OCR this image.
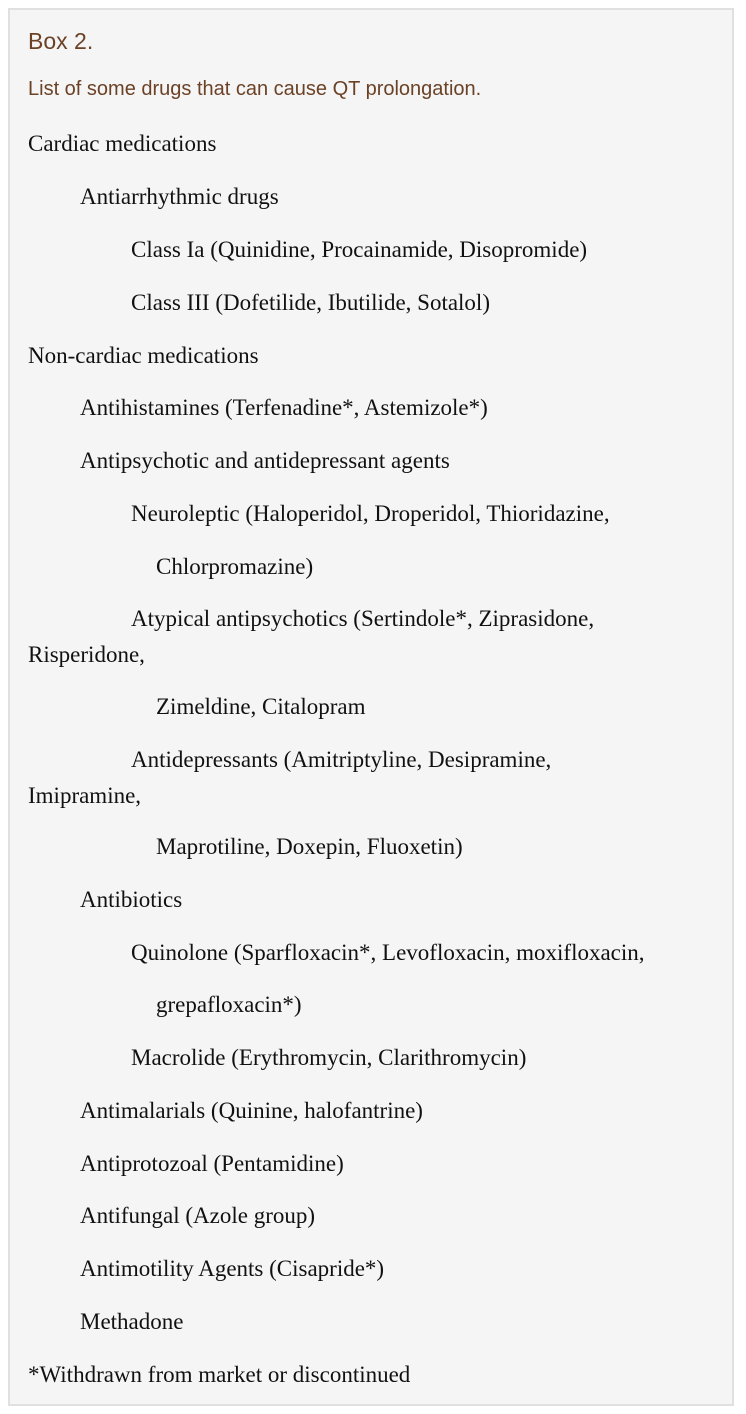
Box 2.
List of some drugs that can cause QT prolongation.
Cardiac medications
Antiarrhythmic drugs
Class Ia (Quinidine, Procainamide, Disopromide)
Class III (Dofetilide, Ibutilide, Sotalol)
Non-cardiac medications
Antihistamines (Terfenadine*, Astemizole*)
Antipsychotic and antidepressant agents
Neuroleptic (Haloperidol, Droperidol, Thioridazine,
Chlorpromazine)
Atypical antipsychotics (Sertindole*, Ziprasidone,
Risperidone,
Zimeldine, Citalopram
Antidepressants (Amitriptyline, Desipramine,
Imipramine,
Maprotiline, Doxepin, Fluoxetin)
Antibiotics
Quinolone (Sparfloxacin*, Levofloxacin, moxifloxacin,
grepafloxacin*)
Macrolide (Erythromycin, Clarithromycin)
Antimalarials (Quinine, halofantrine)
Antiprotozoal (Pentamidine)
Antifungal (Azole group)
Antimotility Agents (Cisapride*)
Methadone
*Withdrawn from market or discontinued
